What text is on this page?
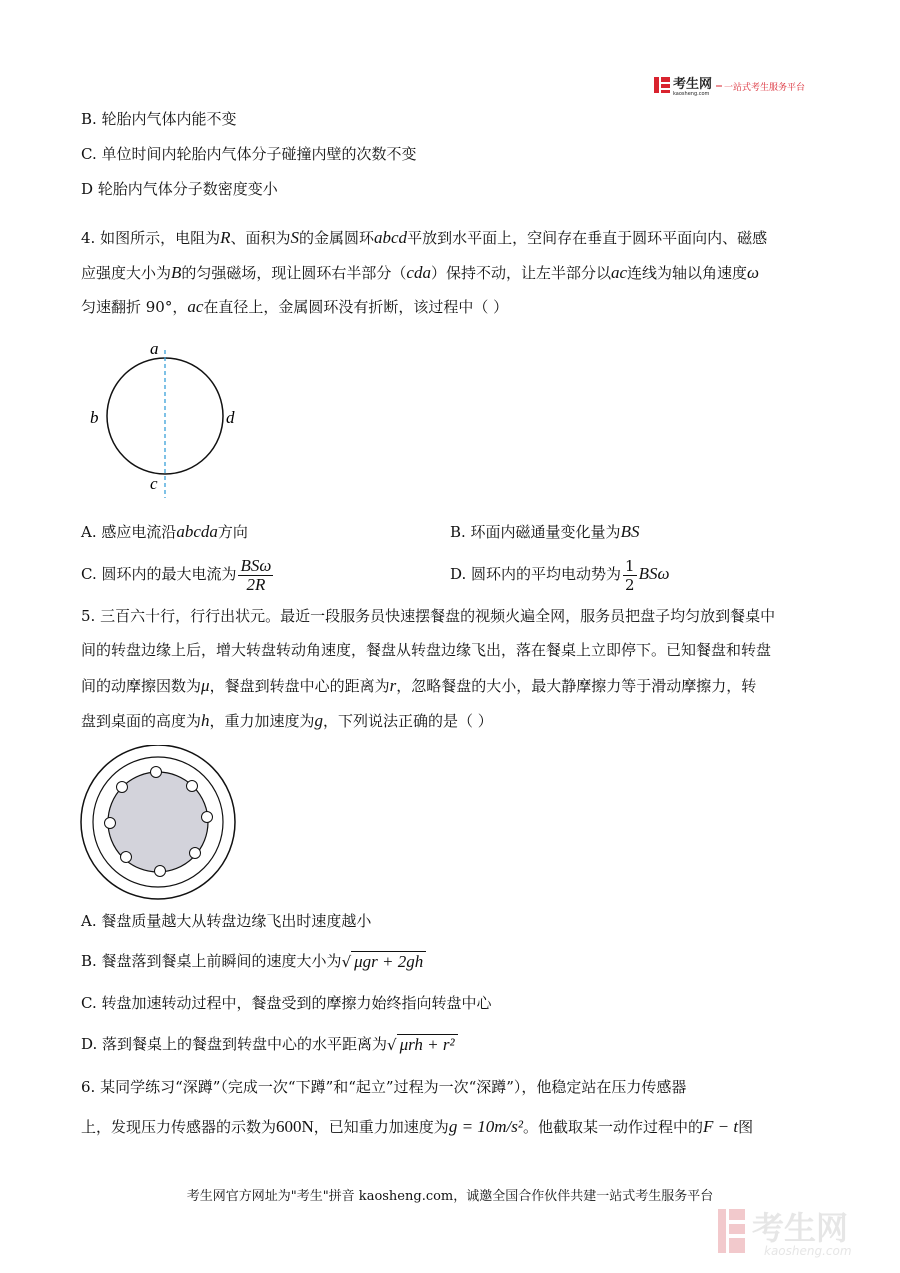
考生网
kaosheng.com
一站式考生服务平台
B. 轮胎内气体内能不变
C. 单位时间内轮胎内气体分子碰撞内壁的次数不变
D 轮胎内气体分子数密度变小
4. 如图所示，电阻为R、面积为S的金属圆环abcd平放到水平面上，空间存在垂直于圆环平面向内、磁感
应强度大小为B的匀强磁场，现让圆环右半部分（cda）保持不动，让左半部分以ac连线为轴以角速度ω
匀速翻折 90°，ac在直径上，金属圆环没有折断，该过程中（ ）
a
b	d
c
A. 感应电流沿abcda方向	B. 环面内磁通量变化量为BS
C. 圆环内的最大电流为 $\frac{\text{BSω}}{2R}$	D. 圆环内的平均电动势为 $\frac{1}{2}$ BSω
5. 三百六十行，行行出状元。最近一段服务员快速摆餐盘的视频火遍全网，服务员把盘子均匀放到餐桌中
间的转盘边缘上后，增大转盘转动角速度，餐盘从转盘边缘飞出，落在餐桌上立即停下。已知餐盘和转盘
间的动摩擦因数为μ，餐盘到转盘中心的距离为r，忽略餐盘的大小，最大静摩擦力等于滑动摩擦力，转
盘到桌面的高度为h，重力加速度为g，下列说法正确的是（ ）
A. 餐盘质量越大从转盘边缘飞出时速度越小
B. 餐盘落到餐桌上前瞬间的速度大小为√ μgr + 2gh
C. 转盘加速转动过程中，餐盘受到的摩擦力始终指向转盘中心
D. 落到餐桌上的餐盘到转盘中心的水平距离为√ μrh + r²
6. 某同学练习“深蹲”（完成一次“下蹲”和“起立”过程为一次“深蹲”），他稳定站在压力传感器
上，发现压力传感器的示数为600N，已知重力加速度为g = 10m/s²。他截取某一动作过程中的F − t图
考生网官方网址为"考生"拼音 kaosheng.com，诚邀全国合作伙伴共建一站式考生服务平台
考生网
kaosheng.com
